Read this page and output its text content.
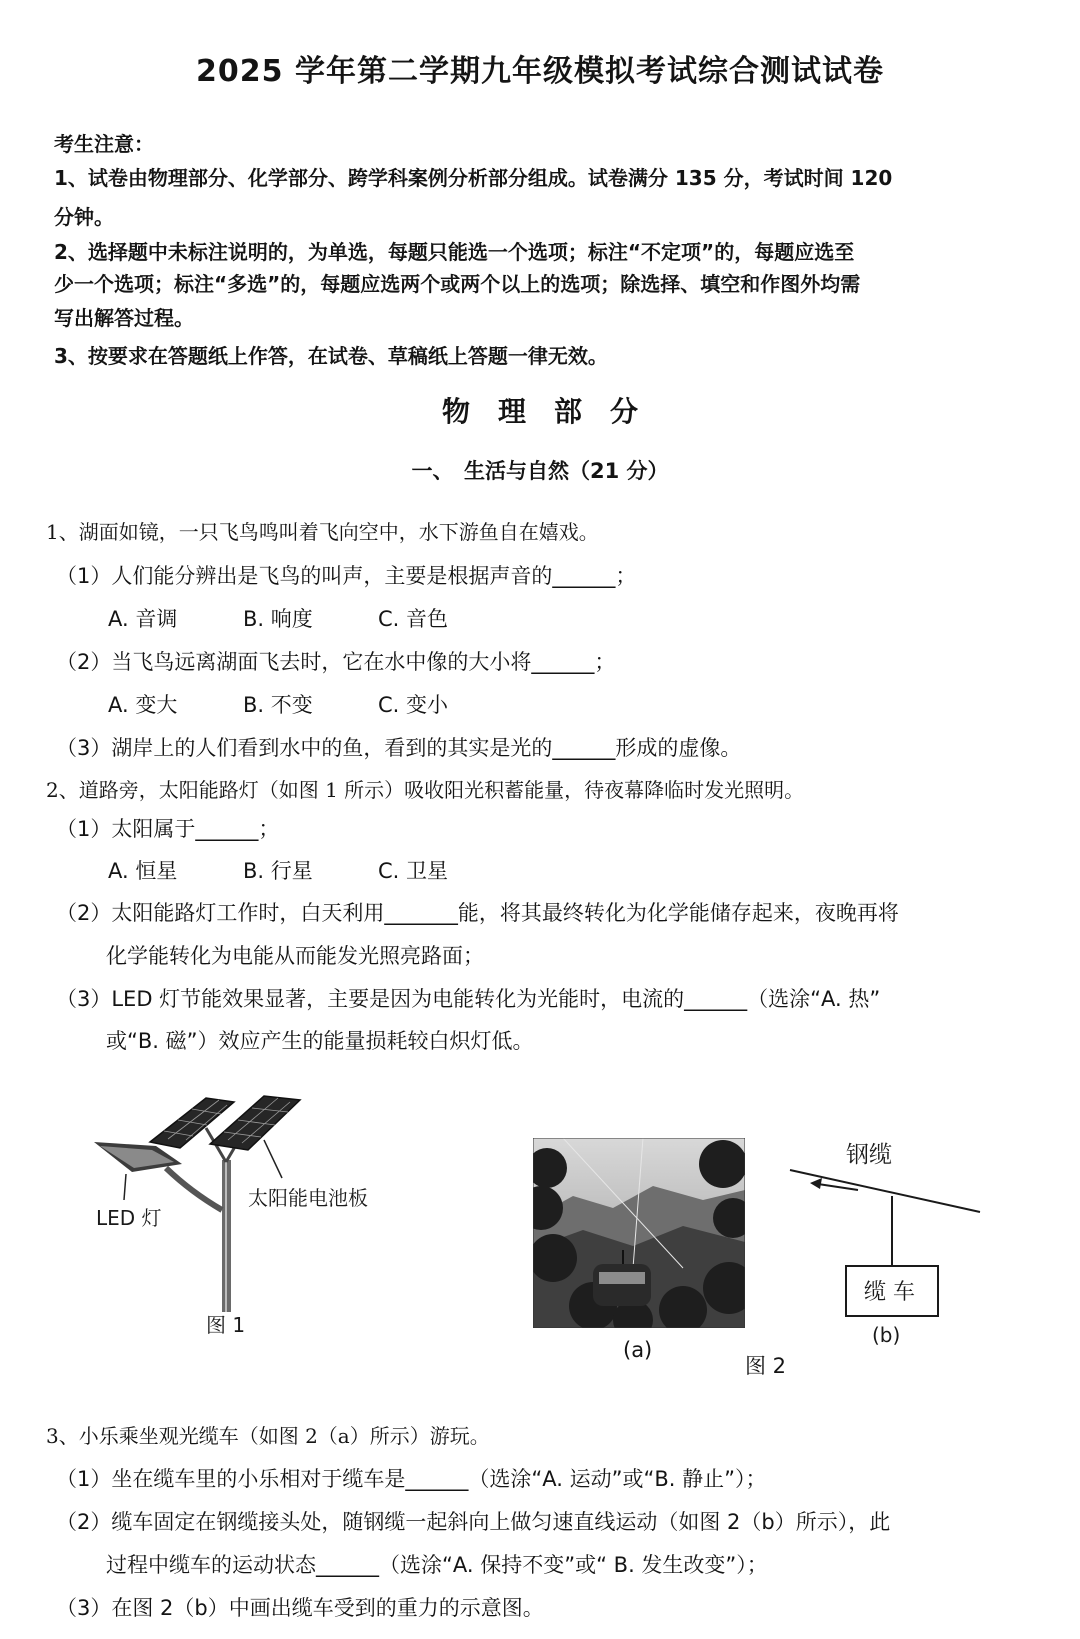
2025 学年第二学期九年级模拟考试综合测试试卷
考生注意：
1、试卷由物理部分、化学部分、跨学科案例分析部分组成。试卷满分 135 分，考试时间 120
分钟。
2、选择题中未标注说明的，为单选，每题只能选一个选项；标注“不定项”的，每题应选至
少一个选项；标注“多选”的，每题应选两个或两个以上的选项；除选择、填空和作图外均需
写出解答过程。
3、按要求在答题纸上作答，在试卷、草稿纸上答题一律无效。
物　理　部　分
一、　生活与自然（21 分）
1、湖面如镜，一只飞鸟鸣叫着飞向空中，水下游鱼自在嬉戏。
（1）人们能分辨出是飞鸟的叫声，主要是根据声音的______；
A. 音调	B. 响度	C. 音色
（2）当飞鸟远离湖面飞去时，它在水中像的大小将______；
A. 变大	B. 不变	C. 变小
（3）湖岸上的人们看到水中的鱼，看到的其实是光的______形成的虚像。
2、道路旁，太阳能路灯（如图 1 所示）吸收阳光积蓄能量，待夜幕降临时发光照明。
（1）太阳属于______；
A. 恒星	B. 行星	C. 卫星
（2）太阳能路灯工作时，白天利用_______能，将其最终转化为化学能储存起来，夜晚再将
化学能转化为电能从而能发光照亮路面；
（3）LED 灯节能效果显著，主要是因为电能转化为光能时，电流的______（选涂“A. 热”
或“B. 磁”）效应产生的能量损耗较白炽灯低。
LED 灯
太阳能电池板
图 1
(a)
钢缆
缆 车
(b)
图 2
3、小乐乘坐观光缆车（如图 2（a）所示）游玩。
（1）坐在缆车里的小乐相对于缆车是______（选涂“A. 运动”或“B. 静止”）；
（2）缆车固定在钢缆接头处，随钢缆一起斜向上做匀速直线运动（如图 2（b）所示），此
过程中缆车的运动状态______（选涂“A. 保持不变”或“ B. 发生改变”）；
（3）在图 2（b）中画出缆车受到的重力的示意图。
